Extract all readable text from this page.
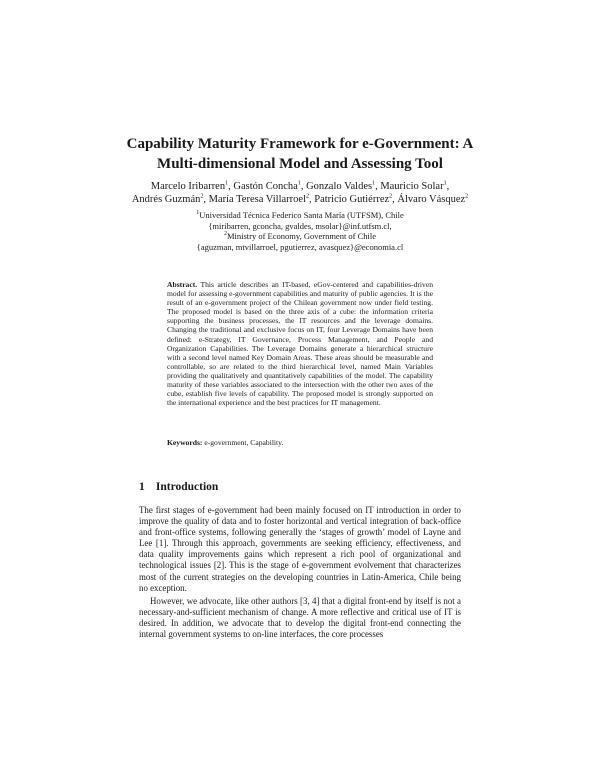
Capability Maturity Framework for e-Government: A
Multi-dimensional Model and Assessing Tool
Marcelo Iribarren$^1$, Gastón Concha$^1$, Gonzalo Valdes$^1$, Mauricio Solar$^1$,
Andrés Guzmán$^2$, María Teresa Villarroel$^2$, Patricio Gutiérrez$^2$, Álvaro Vásquez$^2$
$^1$Universidad Técnica Federico Santa María (UTFSM), Chile
{miribarren, gconcha, gvaldes, msolar}@inf.utfsm.cl,
$^2$Ministry of Economy, Government of Chile
{aguzman, mtvillarroel, pgutierrez, avasquez}@economia.cl
Abstract. This article describes an IT-based, eGov-centered and capabilities-driven model for assessing e-government capabilities and maturity of public agencies. It is the result of an e-government project of the Chilean government now under field testing. The proposed model is based on the three axis of a cube: the information criteria supporting the business processes, the IT resources and the leverage domains. Changing the traditional and exclusive focus on IT, four Leverage Domains have been defined: e-Strategy, IT Governance, Process Management, and People and Organization Capabilities. The Leverage Domains generate a hierarchical structure with a second level named Key Domain Areas. These areas should be measurable and controllable, so are related to the third hierarchical level, named Main Variables providing the qualitatively and quantitatively capabilities of the model. The capability maturity of these variables associated to the intersection with the other two axes of the cube, establish five levels of capability. The proposed model is strongly supported on the international experience and the best practices for IT management.
Keywords: e-government, Capability.
1 Introduction

The first stages of e-government had been mainly focused on IT introduction in order to improve the quality of data and to foster horizontal and vertical integration of back-office and front-office systems, following generally the ‘stages of growth’ model of Layne and Lee [1]. Through this approach, governments are seeking efficiency, effectiveness, and data quality improvements gains which represent a rich pool of organizational and technological issues [2]. This is the stage of e-government evolvement that characterizes most of the current strategies on the developing countries in Latin-America, Chile being no exception.

However, we advocate, like other authors [3, 4] that a digital front-end by itself is not a necessary-and-sufficient mechanism of change. A more reflective and critical use of IT is desired. In addition, we advocate that to develop the digital front-end connecting the internal government systems to on-line interfaces, the core processes
